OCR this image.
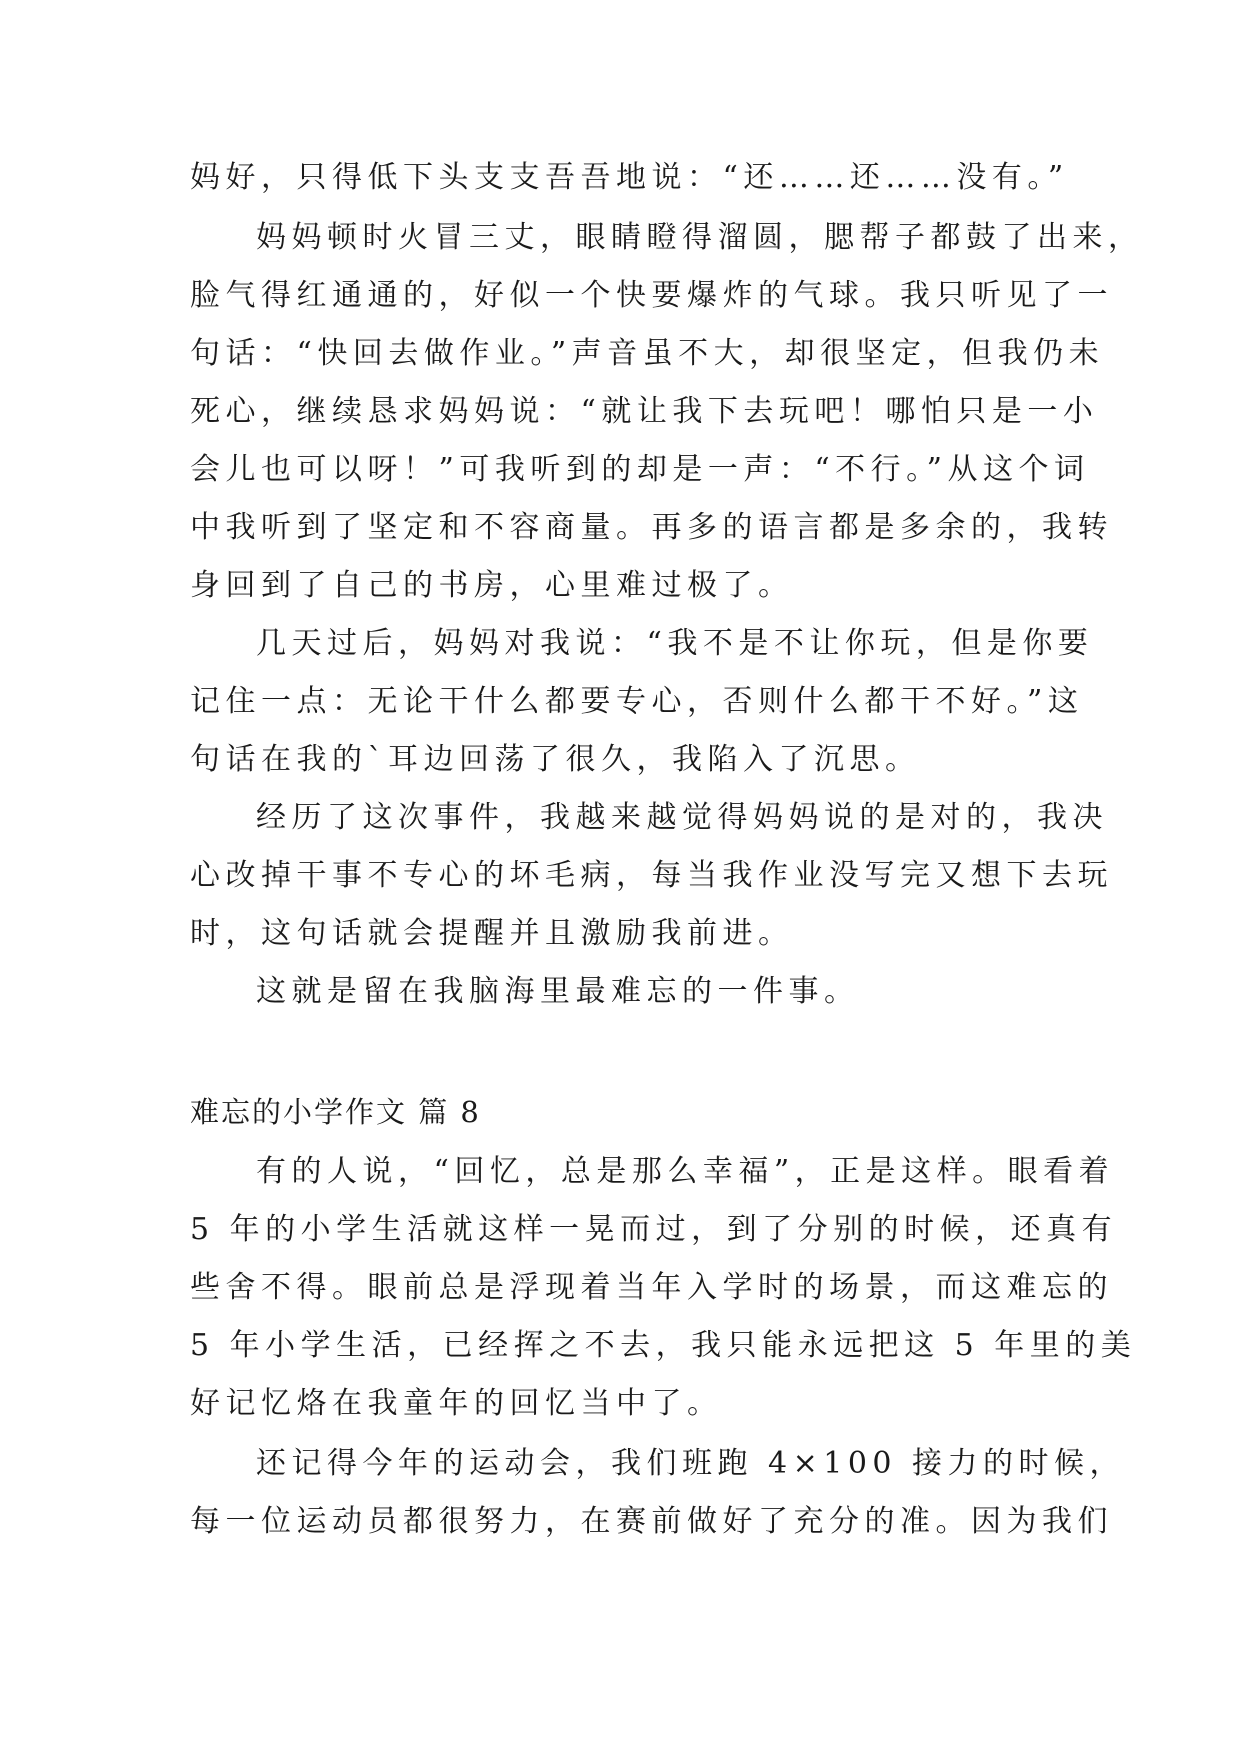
妈好，只得低下头支支吾吾地说：“还……还……没有。”
妈妈顿时火冒三丈，眼睛瞪得溜圆，腮帮子都鼓了出来，
脸气得红通通的，好似一个快要爆炸的气球。我只听见了一
句话：“快回去做作业。”声音虽不大，却很坚定，但我仍未
死心，继续恳求妈妈说：“就让我下去玩吧！哪怕只是一小
会儿也可以呀！”可我听到的却是一声：“不行。”从这个词
中我听到了坚定和不容商量。再多的语言都是多余的，我转
身回到了自己的书房，心里难过极了。
几天过后，妈妈对我说：“我不是不让你玩，但是你要
记住一点：无论干什么都要专心，否则什么都干不好。”这
句话在我的`耳边回荡了很久，我陷入了沉思。
经历了这次事件，我越来越觉得妈妈说的是对的，我决
心改掉干事不专心的坏毛病，每当我作业没写完又想下去玩
时，这句话就会提醒并且激励我前进。
这就是留在我脑海里最难忘的一件事。
难忘的小学作文 篇 8
有的人说，“回忆，总是那么幸福”，正是这样。眼看着
5 年的小学生活就这样一晃而过，到了分别的时候，还真有
些舍不得。眼前总是浮现着当年入学时的场景，而这难忘的
5 年小学生活，已经挥之不去，我只能永远把这 5 年里的美
好记忆烙在我童年的回忆当中了。
还记得今年的运动会，我们班跑 4×100 接力的时候，
每一位运动员都很努力，在赛前做好了充分的准。因为我们
